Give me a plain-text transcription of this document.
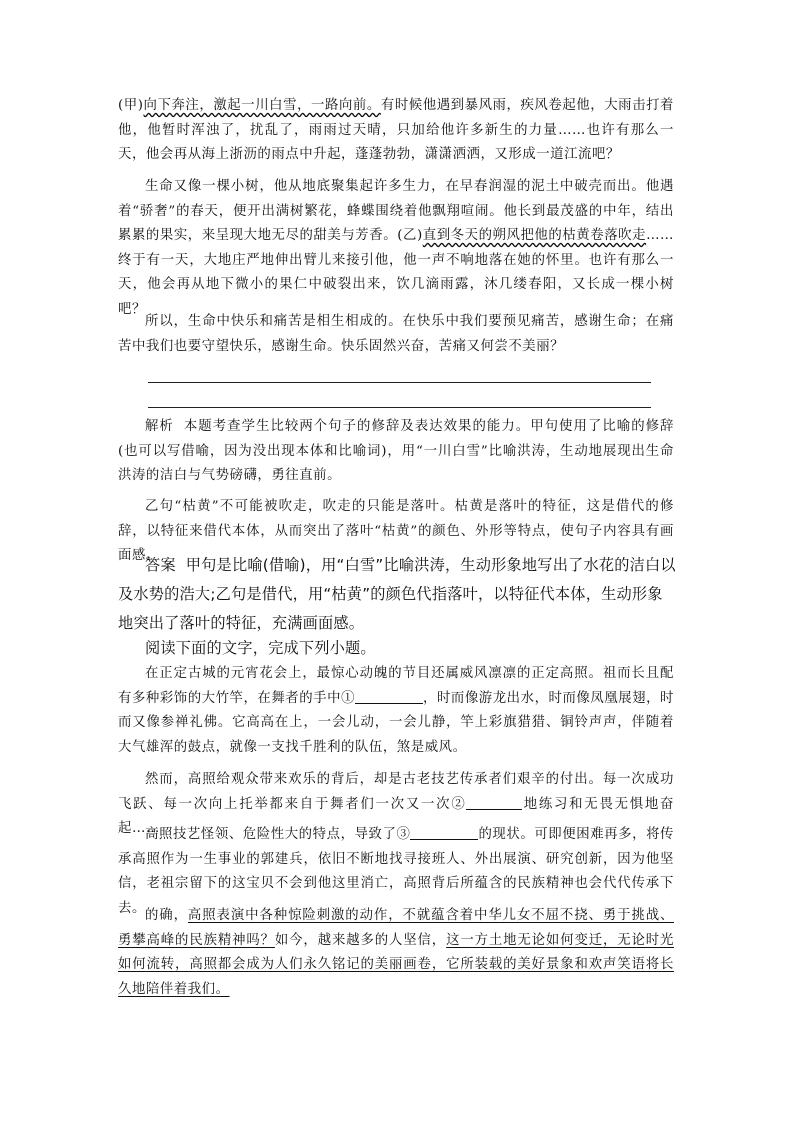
(甲)向下奔注，激起一川白雪，一路向前。有时候他遇到暴风雨，疾风卷起他，大雨击打着他，他暂时浑浊了，扰乱了，雨雨过天晴，只加给他许多新生的力量……也许有那么一天，他会再从海上浙沥的雨点中升起，蓬蓬勃勃，潇潇洒洒，又形成一道江流吧？

生命又像一棵小树，他从地底聚集起许多生力，在早春润湿的泥土中破壳而出。他遇着“骄奢”的春天，便开出满树繁花，蜂蝶围绕着他飘翔喧闹。他长到最茂盛的中年，结出累累的果实，来呈现大地无尽的甜美与芳香。(乙)直到冬天的朔风把他的枯黄卷落吹走……终于有一天，大地庄严地伸出臂儿来接引他，他一声不响地落在她的怀里。也许有那么一天，他会再从地下微小的果仁中破裂出来，饮几滴雨露，沐几缕春阳，又长成一棵小树吧？

所以，生命中快乐和痛苦是相生相成的。在快乐中我们要预见痛苦，感谢生命；在痛苦中我们也要守望快乐，感谢生命。快乐固然兴奋，苦痛又何尝不美丽？

解析 本题考查学生比较两个句子的修辞及表达效果的能力。甲句使用了比喻的修辞(也可以写借喻，因为没出现本体和比喻词)，用“一川白雪”比喻洪涛，生动地展现出生命洪涛的洁白与气势磅礴，勇往直前。

乙句“枯黄”不可能被吹走，吹走的只能是落叶。枯黄是落叶的特征，这是借代的修辞，以特征来借代本体，从而突出了落叶“枯黄”的颜色、外形等特点，使句子内容具有画面感。

答案 甲句是比喻(借喻)，用“白雪”比喻洪涛，生动形象地写出了水花的洁白以及水势的浩大;乙句是借代，用“枯黄”的颜色代指落叶，以特征代本体，生动形象地突出了落叶的特征，充满画面感。

阅读下面的文字，完成下列小题。

在正定古城的元宵花会上，最惊心动魄的节目还属威风凛凛的正定高照。祖而长且配有多种彩饰的大竹竿，在舞者的手中①	，时而像游龙出水，时而像凤凰展翅，时而又像参禅礼佛。它高高在上，一会儿动，一会儿静，竿上彩旗猎猎、铜铃声声，伴随着大气雄浑的鼓点，就像一支找千胜利的队伍，煞是威风。

然而，高照给观众带来欢乐的背后，却是古老技艺传承者们艰辛的付出。每一次成功飞跃、每一次向上托举都来自于舞者们一次又一次②	地练习和无畏无惧地奋起……

高照技艺怪领、危险性大的特点，导致了③	的现状。可即便困难再多，将传承高照作为一生事业的郭建兵，依旧不断地找寻接班人、外出展演、研究创新，因为他坚信，老祖宗留下的这宝贝不会到他这里消亡，高照背后所蕴含的民族精神也会代代传承下去。 的确，高照表演中各种惊险刺激的动作，不就蕴含着中华儿女不屈不挠、勇于挑战、勇攀高峰的民族精神吗？如今，越来越多的人坚信，这一方土地无论如何变迁，无论时光如何流转，高照都会成为人们永久铭记的美丽画卷，它所装载的美好景象和欢声笑语将长久地陪伴着我们。
